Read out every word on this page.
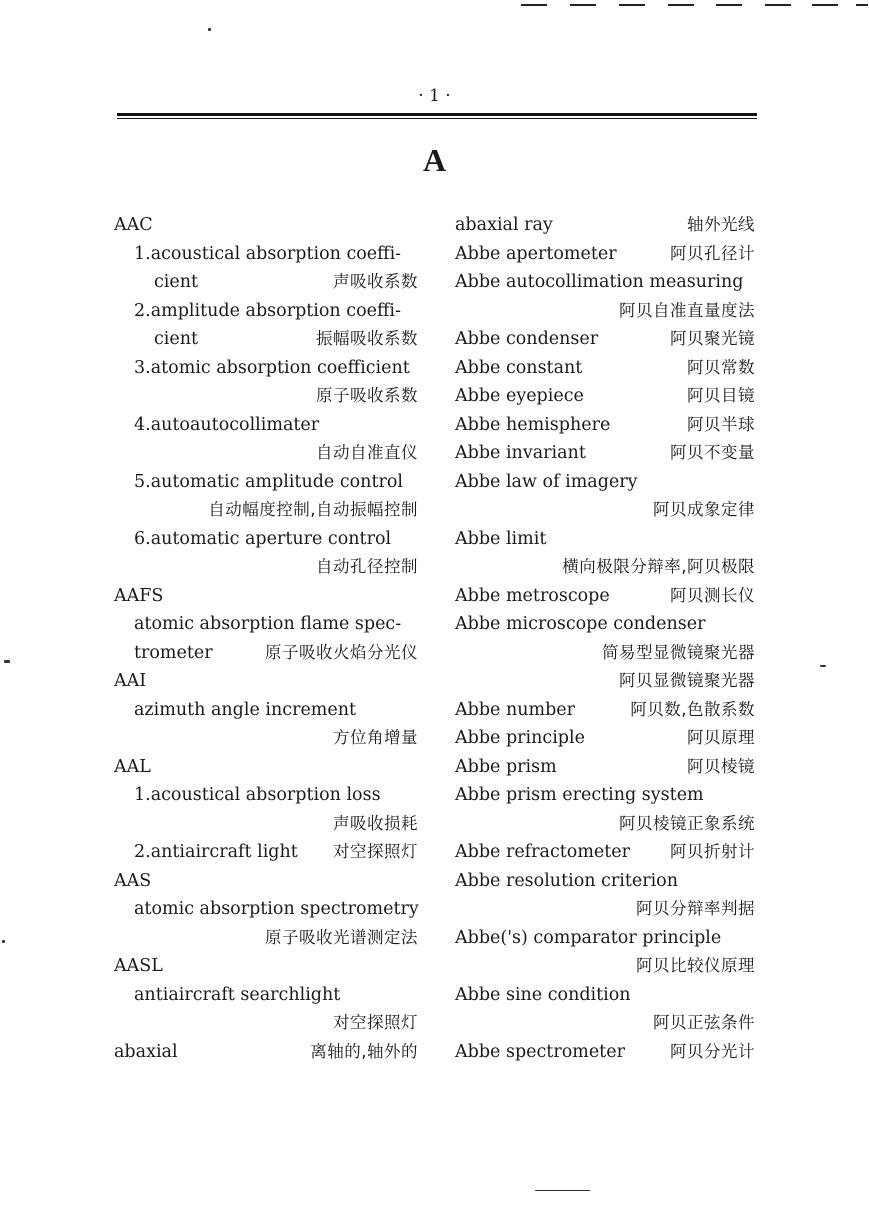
· 1 ·
A
AAC
1.acoustical absorption coeffi-
cient	声吸收系数
2.amplitude absorption coeffi-
cient	振幅吸收系数
3.atomic absorption coefficient
原子吸收系数
4.autoautocollimater
自动自准直仪
5.automatic amplitude control
自动幅度控制,自动振幅控制
6.automatic aperture control
自动孔径控制
AAFS
atomic absorption flame spec-
trometer	原子吸收火焰分光仪
AAI
azimuth angle increment
方位角增量
AAL
1.acoustical absorption loss
声吸收损耗
2.antiaircraft light 对空探照灯
AAS
atomic absorption spectrometry
原子吸收光谱测定法
AASL
antiaircraft searchlight
对空探照灯
abaxial	离轴的,轴外的
abaxial ray	轴外光线
Abbe apertometer	阿贝孔径计
Abbe autocollimation measuring
阿贝自准直量度法
Abbe condenser	阿贝聚光镜
Abbe constant	阿贝常数
Abbe eyepiece	阿贝目镜
Abbe hemisphere	阿贝半球
Abbe invariant	阿贝不变量
Abbe law of imagery
阿贝成象定律
Abbe limit
横向极限分辩率,阿贝极限
Abbe metroscope	阿贝测长仪
Abbe microscope condenser
简易型显微镜聚光器
阿贝显微镜聚光器
Abbe number	阿贝数,色散系数
Abbe principle	阿贝原理
Abbe prism	阿贝棱镜
Abbe prism erecting system
阿贝棱镜正象系统
Abbe refractometer 阿贝折射计
Abbe resolution criterion
阿贝分辩率判据
Abbe('s) comparator principle
阿贝比较仪原理
Abbe sine condition
阿贝正弦条件
Abbe spectrometer	阿贝分光计
